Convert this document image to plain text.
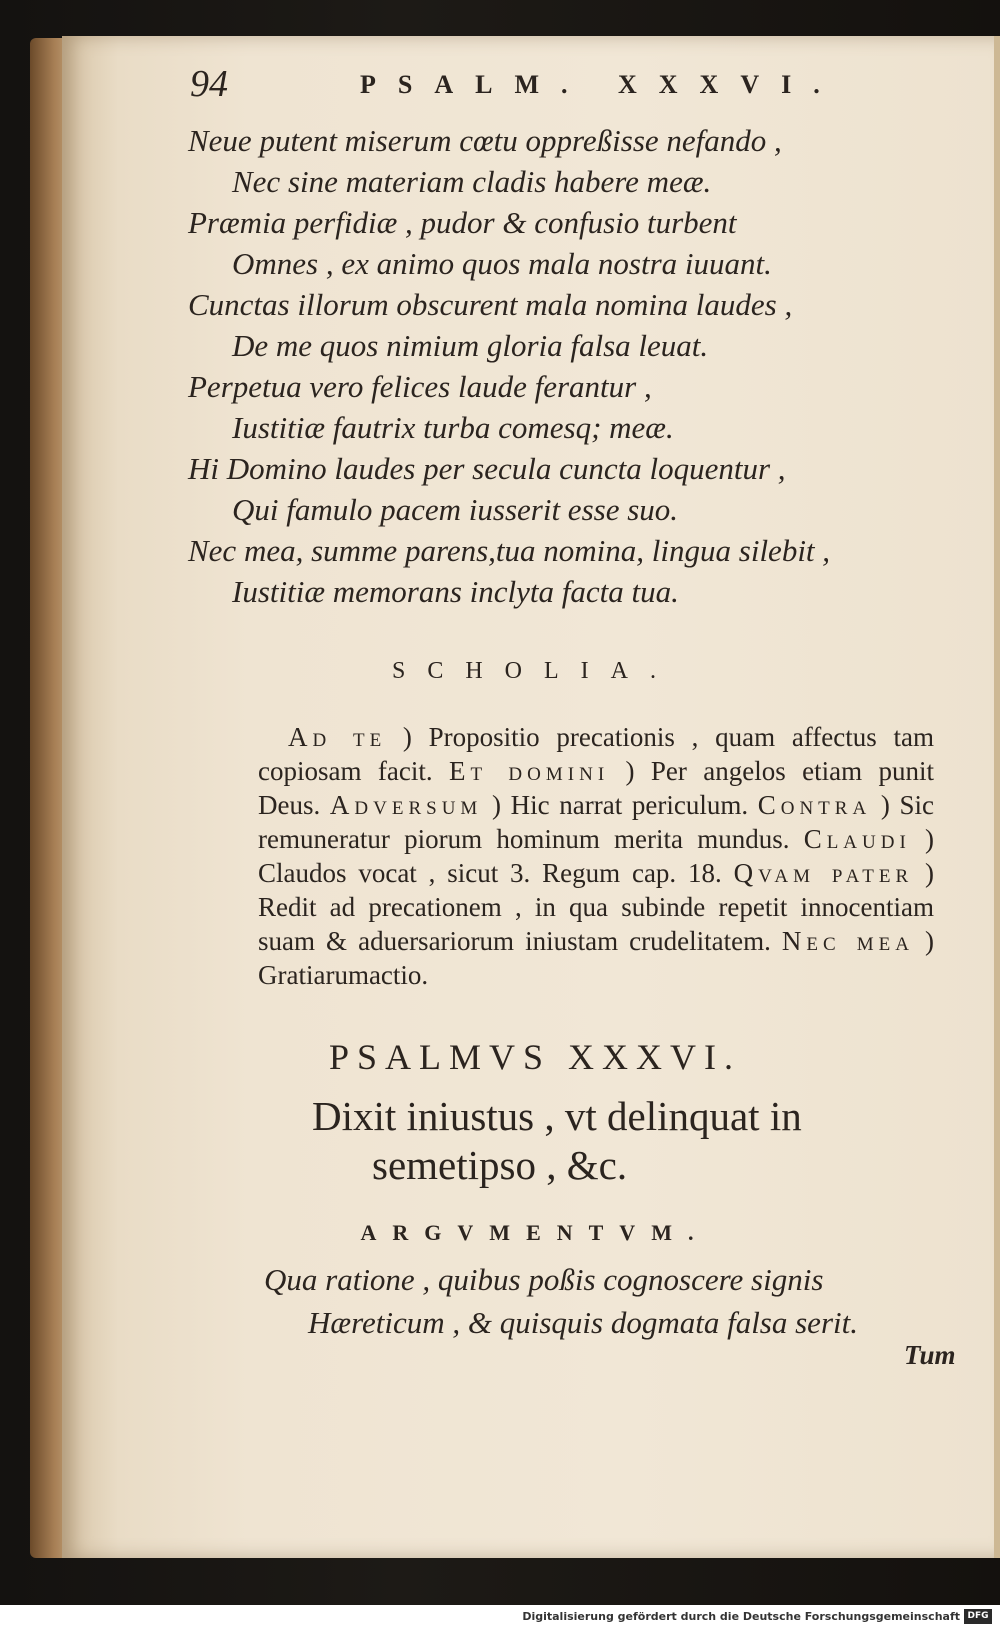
94	PSALM. XXXVI.
Neue putent miserum cœtu oppreßisse nefando ,
Nec sine materiam cladis habere meæ.
Præmia perfidiæ , pudor & confusio turbent
Omnes , ex animo quos mala nostra iuuant.
Cunctas illorum obscurent mala nomina laudes ,
De me quos nimium gloria falsa leuat.
Perpetua vero felices laude ferantur ,
Iustitiæ fautrix turba comesq; meæ.
Hi Domino laudes per secula cuncta loquentur ,
Qui famulo pacem iusserit esse suo.
Nec mea, summe parens,tua nomina, lingua silebit ,
Iustitiæ memorans inclyta facta tua.
SCHOLIA.
Ad te ) Propositio precationis , quam affectus tam copiosam facit. Et domini ) Per angelos etiam punit Deus. Adversum ) Hic narrat periculum. Contra ) Sic remuneratur piorum hominum merita mundus. Claudi ) Claudos vocat , sicut 3. Regum cap. 18. Qvam pater ) Redit ad precationem , in qua subinde repetit innocentiam suam & aduersariorum iniustam crudelitatem. Nec mea ) Gratiarumactio.
PSALMVS XXXVI.
Dixit iniustus , vt delinquat in
semetipso , &c.
ARGVMENTVM.
Qua ratione , quibus poßis cognoscere signis
Hæreticum , & quisquis dogmata falsa serit.
Tum
Digitalisierung gefördert durch die Deutsche Forschungsgemeinschaft DFG
